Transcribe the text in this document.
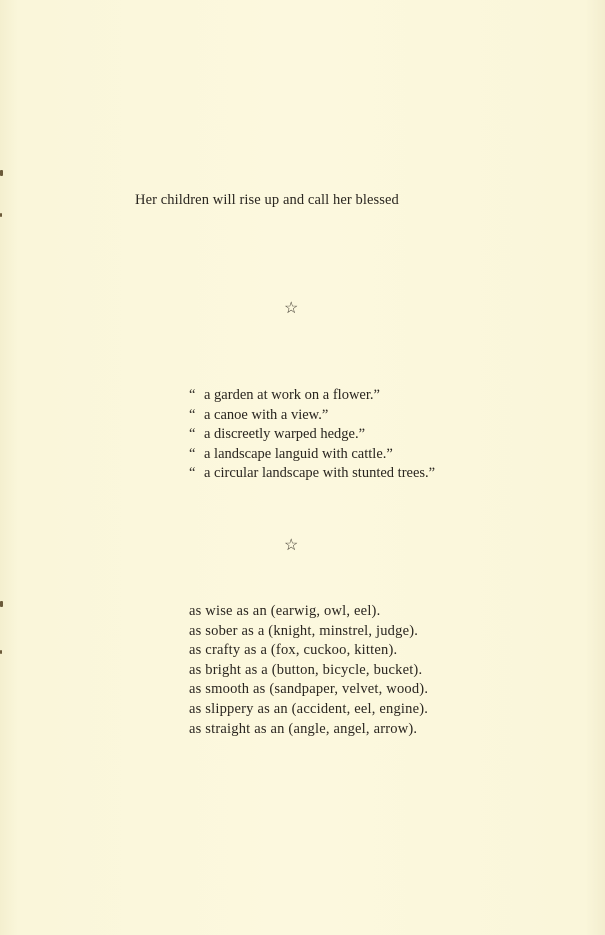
Her children will rise up and call her blessed
☆
“ a garden at work on a flower.”
“ a canoe with a view.”
“ a discreetly warped hedge.”
“ a landscape languid with cattle.”
“ a circular landscape with stunted trees.”
☆
as wise as an (earwig, owl, eel).
as sober as a (knight, minstrel, judge).
as crafty as a (fox, cuckoo, kitten).
as bright as a (button, bicycle, bucket).
as smooth as (sandpaper, velvet, wood).
as slippery as an (accident, eel, engine).
as straight as an (angle, angel, arrow).
